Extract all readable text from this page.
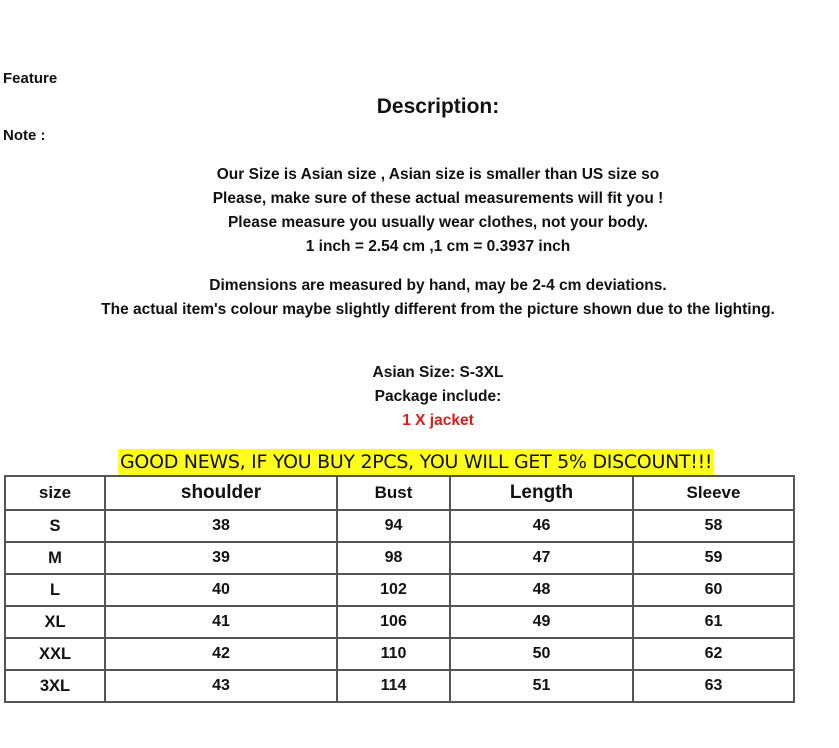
Feature
Note :
Description:
Our Size is Asian size , Asian size is smaller than US size so
Please, make sure of these actual measurements will fit you !
Please measure you usually wear clothes, not your body.
1 inch = 2.54 cm ,1 cm = 0.3937 inch
Dimensions are measured by hand, may be 2-4 cm deviations.
The actual item's colour maybe slightly different from the picture shown due to the lighting.
Asian Size: S-3XL
Package include:
1 X jacket
GOOD NEWS, IF YOU BUY 2PCS, YOU WILL GET 5% DISCOUNT!!!
size	shoulder	Bust	Length	Sleeve
S	38	94	46	58
M	39	98	47	59
L	40	102	48	60
XL	41	106	49	61
XXL	42	110	50	62
3XL	43	114	51	63
